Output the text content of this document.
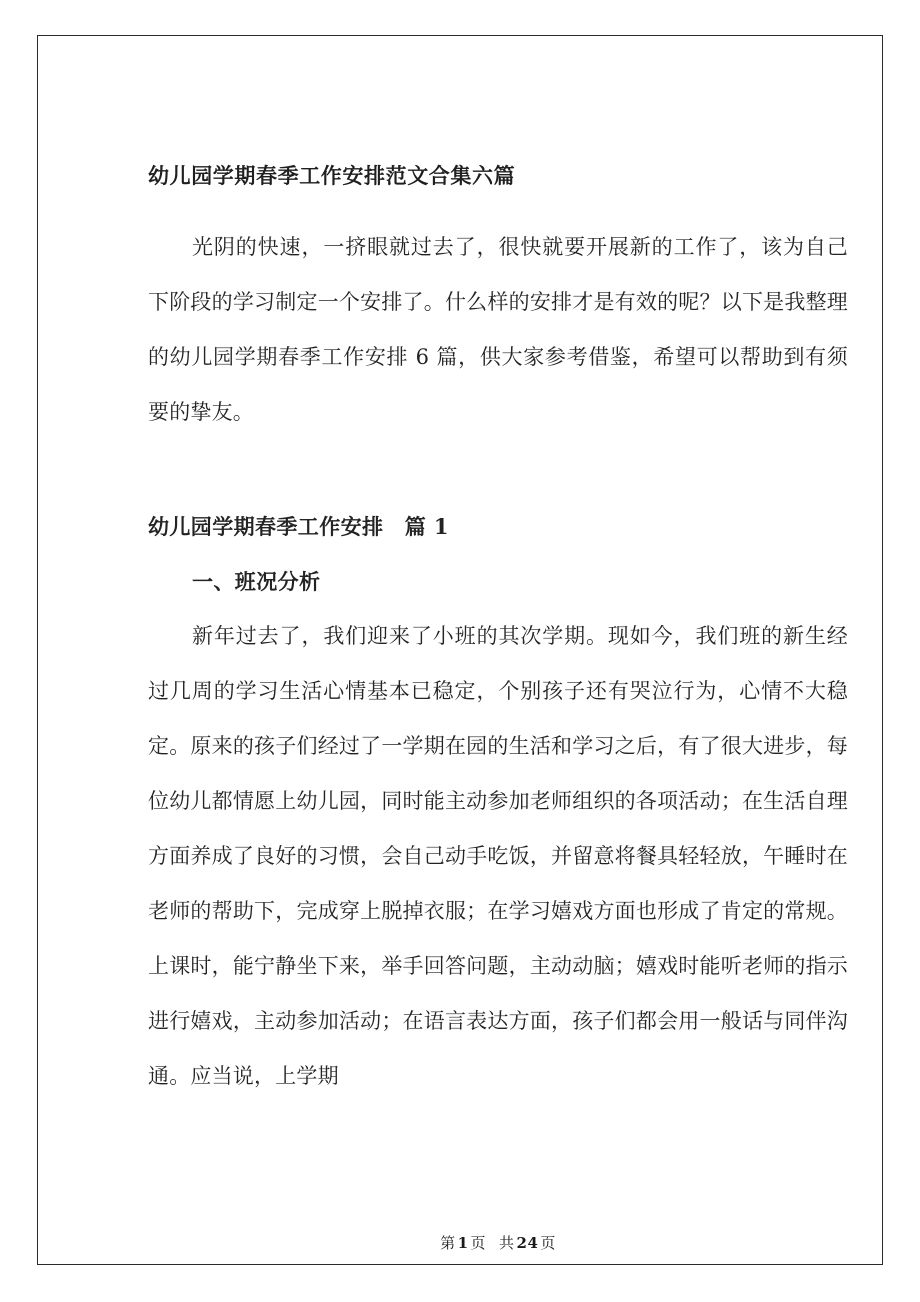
幼儿园学期春季工作安排范文合集六篇

光阴的快速，一挤眼就过去了，很快就要开展新的工作了，该为自己下阶段的学习制定一个安排了。什么样的安排才是有效的呢？以下是我整理的幼儿园学期春季工作安排 6 篇，供大家参考借鉴，希望可以帮助到有须要的挚友。

幼儿园学期春季工作安排　篇 1
一、班况分析

新年过去了，我们迎来了小班的其次学期。现如今，我们班的新生经过几周的学习生活心情基本已稳定，个别孩子还有哭泣行为，心情不大稳定。原来的孩子们经过了一学期在园的生活和学习之后，有了很大进步，每位幼儿都情愿上幼儿园，同时能主动参加老师组织的各项活动；在生活自理方面养成了良好的习惯，会自己动手吃饭，并留意将餐具轻轻放，午睡时在老师的帮助下，完成穿上脱掉衣服；在学习嬉戏方面也形成了肯定的常规。上课时，能宁静坐下来，举手回答问题，主动动脑；嬉戏时能听老师的指示进行嬉戏，主动参加活动；在语言表达方面，孩子们都会用一般话与同伴沟通。应当说，上学期

第 1 页 共 24 页
